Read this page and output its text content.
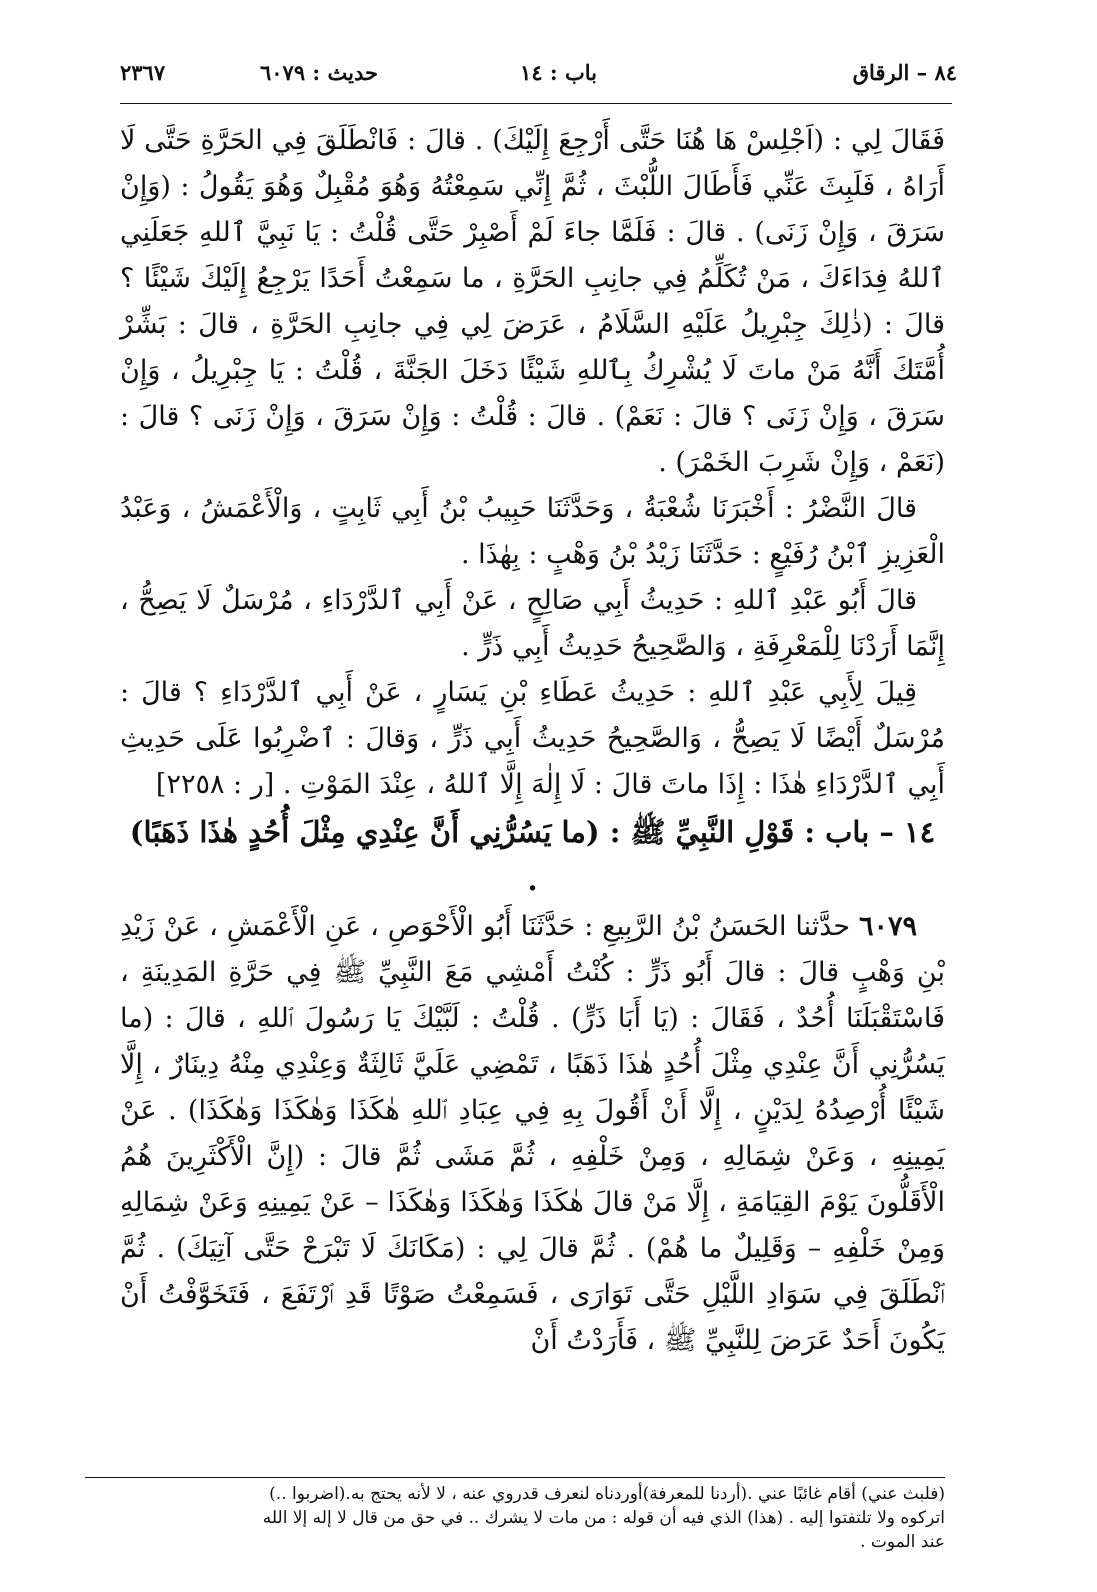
٨٤ – الرقاق
باب : ١٤
حديث : ٦٠٧٩
٢٣٦٧

فَقَالَ لِي : (اَجْلِسْ هَا هُنَا حَتَّى أَرْجِعَ إِلَيْكَ) . قالَ : فَانْطَلَقَ فِي الحَرَّةِ حَتَّى لَا أَرَاهُ ، فَلَبِثَ عَنِّي فَأَطَالَ اللُّبْثَ ، ثُمَّ إِنِّي سَمِعْتُهُ وَهُوَ مُقْبِلٌ وَهُوَ يَقُولُ : (وَإِنْ سَرَقَ ، وَإِنْ زَنَى) . قالَ : فَلَمَّا جاءَ لَمْ أَصْبِرْ حَتَّى قُلْتُ : يَا نَبِيَّ ٱللهِ جَعَلَنِي ٱللهُ فِدَاءَكَ ، مَنْ تُكَلِّمُ فِي جانِبِ الحَرَّةِ ، ما سَمِعْتُ أَحَدًا يَرْجِعُ إِلَيْكَ شَيْئًا ؟ قالَ : (ذٰلِكَ جِبْرِيلُ عَلَيْهِ السَّلَامُ ، عَرَضَ لِي فِي جانِبِ الحَرَّةِ ، قالَ : بَشِّرْ أُمَّتَكَ أَنَّهُ مَنْ ماتَ لَا يُشْرِكُ بِٱللهِ شَيْئًا دَخَلَ الجَنَّةَ ، قُلْتُ : يَا جِبْرِيلُ ، وَإِنْ سَرَقَ ، وَإِنْ زَنَى ؟ قالَ : نَعَمْ) . قالَ : قُلْتُ : وَإِنْ سَرَقَ ، وَإِنْ زَنَى ؟ قالَ : (نَعَمْ ، وَإِنْ شَرِبَ الخَمْرَ) .

قالَ النَّضْرُ : أَخْبَرَنَا شُعْبَةُ ، وَحَدَّثَنَا حَبِيبُ بْنُ أَبِي ثَابِتٍ ، وَالْأَعْمَشُ ، وَعَبْدُ الْعَزِيزِ ٱبْنُ رُفَيْعٍ : حَدَّثَنَا زَيْدُ بْنُ وَهْبٍ : بِهٰذَا .

قالَ أَبُو عَبْدِ ٱللهِ : حَدِيثُ أَبِي صَالِحٍ ، عَنْ أَبِي ٱلدَّرْدَاءِ ، مُرْسَلٌ لَا يَصِحُّ ، إِنَّمَا أَرَدْنَا لِلْمَعْرِفَةِ ، وَالصَّحِيحُ حَدِيثُ أَبِي ذَرٍّ .

قِيلَ لِأَبِي عَبْدِ ٱللهِ : حَدِيثُ عَطَاءِ بْنِ يَسَارٍ ، عَنْ أَبِي ٱلدَّرْدَاءِ ؟ قالَ : مُرْسَلٌ أَيْضًا لَا يَصِحُّ ، وَالصَّحِيحُ حَدِيثُ أَبِي ذَرٍّ ، وَقالَ : ٱضْرِبُوا عَلَى حَدِيثِ أَبِي ٱلدَّرْدَاءِ هٰذَا : إِذَا ماتَ قالَ : لَا إِلٰهَ إِلَّا ٱللهُ ، عِنْدَ المَوْتِ . [ر : ٢٢٥٨]

١٤ – باب : قَوْلِ النَّبِيِّ ﷺ : (ما يَسُرُّنِي أَنَّ عِنْدِي مِثْلَ أُحُدٍ هٰذَا ذَهَبًا) .

٦٠٧٩ حدَّثنا الحَسَنُ بْنُ الرَّبِيعِ : حَدَّثَنَا أَبُو الْأَحْوَصِ ، عَنِ الْأَعْمَشِ ، عَنْ زَيْدِ بْنِ وَهْبٍ قالَ : قالَ أَبُو ذَرٍّ : كُنْتُ أَمْشِي مَعَ النَّبِيِّ ﷺ فِي حَرَّةِ المَدِينَةِ ، فَاسْتَقْبَلَنَا أُحُدٌ ، فَقَالَ : (يَا أَبَا ذَرٍّ) . قُلْتُ : لَبَّيْكَ يَا رَسُولَ ٱللهِ ، قالَ : (ما يَسُرُّنِي أَنَّ عِنْدِي مِثْلَ أُحُدٍ هٰذَا ذَهَبًا ، تَمْضِي عَلَيَّ ثَالِثَةٌ وَعِنْدِي مِنْهُ دِينَارٌ ، إِلَّا شَيْئًا أُرْصِدُهُ لِدَيْنٍ ، إِلَّا أَنْ أَقُولَ بِهِ فِي عِبَادِ ٱللهِ هٰكَذَا وَهٰكَذَا وَهٰكَذَا) . عَنْ يَمِينِهِ ، وَعَنْ شِمَالِهِ ، وَمِنْ خَلْفِهِ ، ثُمَّ مَشَى ثُمَّ قالَ : (إِنَّ الْأَكْثَرِينَ هُمُ الْأَقَلُّونَ يَوْمَ القِيَامَةِ ، إِلَّا مَنْ قالَ هٰكَذَا وَهٰكَذَا وَهٰكَذَا – عَنْ يَمِينِهِ وَعَنْ شِمَالِهِ وَمِنْ خَلْفِهِ – وَقَلِيلٌ ما هُمْ) . ثُمَّ قالَ لِي : (مَكَانَكَ لَا تَبْرَحْ حَتَّى آتِيَكَ) . ثُمَّ ٱنْطَلَقَ فِي سَوَادِ اللَّيْلِ حَتَّى تَوَارَى ، فَسَمِعْتُ صَوْتًا قَدِ ٱرْتَفَعَ ، فَتَخَوَّفْتُ أَنْ يَكُونَ أَحَدٌ عَرَضَ لِلنَّبِيِّ ﷺ ، فَأَرَدْتُ أَنْ

(فلبث عني) أقام غائبًا عني .(أردنا للمعرفة)أوردناه لنعرف قدروي عنه ، لا لأنه يحتج به.(اضربوا ..)

اتركوه ولا تلتفتوا إليه . (هذا) الذي فيه أن قوله : من مات لا يشرك .. في حق من قال لا إله إلا الله

عند الموت .
